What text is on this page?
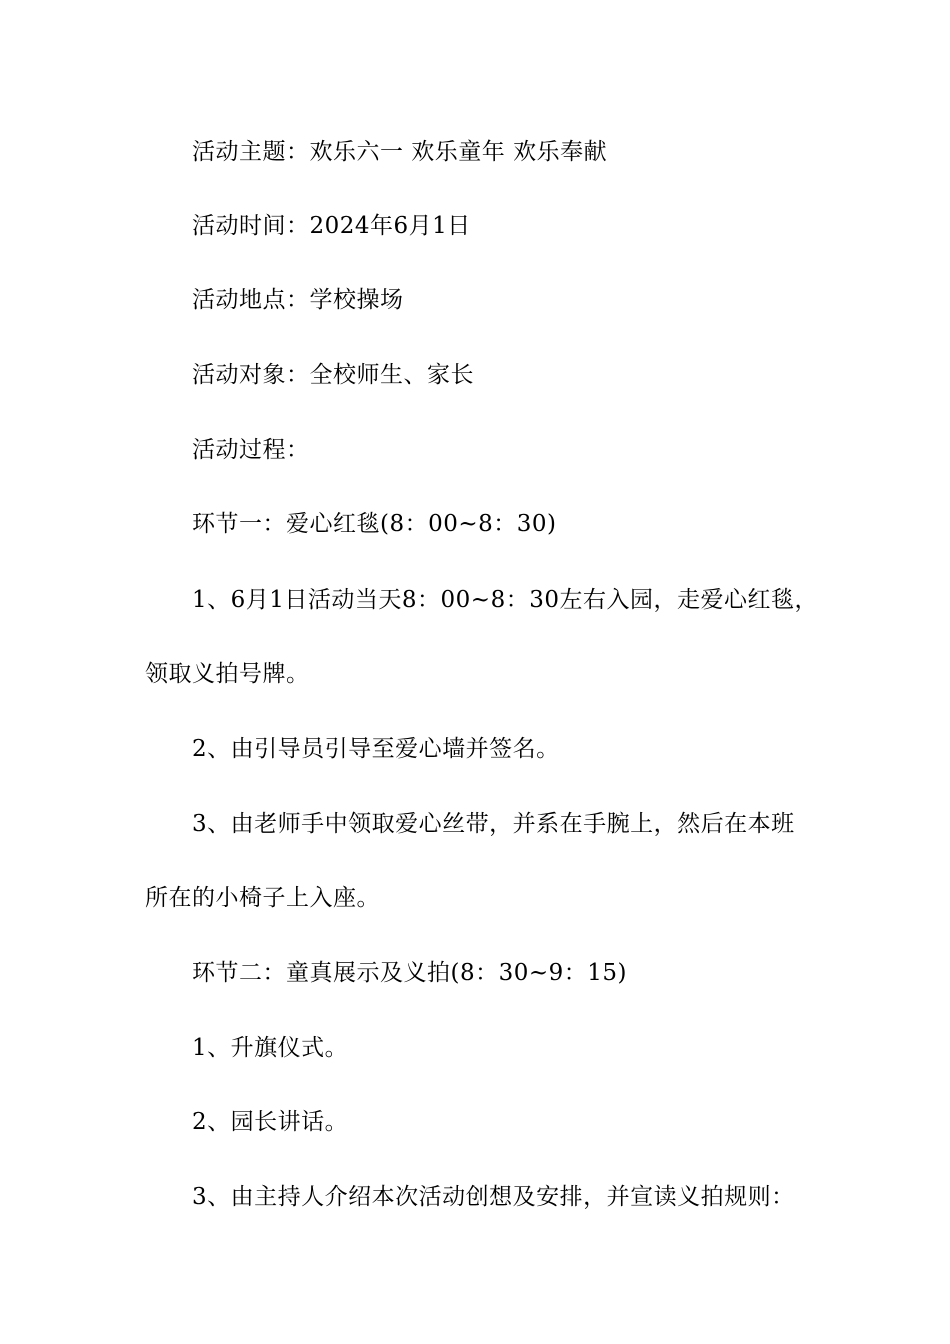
活动主题：欢乐六一 欢乐童年 欢乐奉献

活动时间：2024年6月1日

活动地点：学校操场

活动对象：全校师生、家长

活动过程：

环节一：爱心红毯(8：00~8：30)

1、6月1日活动当天8：00~8：30左右入园，走爱心红毯，

领取义拍号牌。

2、由引导员引导至爱心墙并签名。

3、由老师手中领取爱心丝带，并系在手腕上，然后在本班

所在的小椅子上入座。

环节二：童真展示及义拍(8：30~9：15)

1、升旗仪式。

2、园长讲话。

3、由主持人介绍本次活动创想及安排，并宣读义拍规则：
